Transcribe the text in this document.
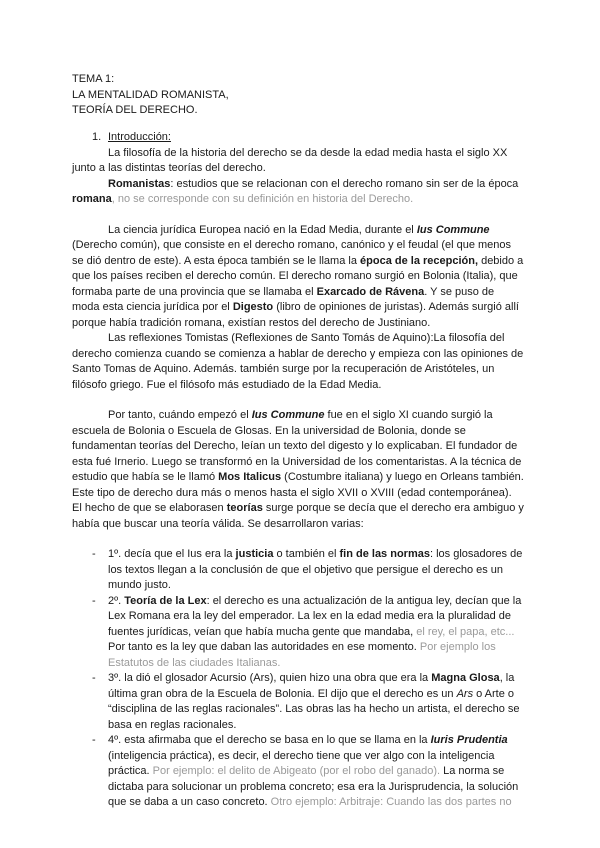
TEMA 1:
LA MENTALIDAD ROMANISTA,
TEORÍA DEL DERECHO.
1. Introducción:

La filosofía de la historia del derecho se da desde la edad media hasta el siglo XX junto a las distintas teorías del derecho.

Romanistas: estudios que se relacionan con el derecho romano sin ser de la época romana, no se corresponde con su definición en historia del Derecho.

La ciencia jurídica Europea nació en la Edad Media, durante el Ius Commune (Derecho común), que consiste en el derecho romano, canónico y el feudal (el que menos se dió dentro de este). A esta época también se le llama la época de la recepción, debido a que los países reciben el derecho común. El derecho romano surgió en Bolonia (Italia), que formaba parte de una provincia que se llamaba el Exarcado de Rávena. Y se puso de moda esta ciencia jurídica por el Digesto (libro de opiniones de juristas). Además surgió allí porque había tradición romana, existían restos del derecho de Justiniano.

Las reflexiones Tomistas (Reflexiones de Santo Tomás de Aquino):La filosofía del derecho comienza cuando se comienza a hablar de derecho y empieza con las opiniones de Santo Tomas de Aquino. Además. también surge por la recuperación de Aristóteles, un filósofo griego. Fue el filósofo más estudiado de la Edad Media.

Por tanto, cuándo empezó el Ius Commune fue en el siglo XI cuando surgió la escuela de Bolonia o Escuela de Glosas. En la universidad de Bolonia, donde se fundamentan teorías del Derecho, leían un texto del digesto y lo explicaban. El fundador de esta fué Irnerio. Luego se transformó en la Universidad de los comentaristas. A la técnica de estudio que había se le llamó Mos Italicus (Costumbre italiana) y luego en Orleans también. Este tipo de derecho dura más o menos hasta el siglo XVII o XVIII (edad contemporánea). El hecho de que se elaborasen teorías surge porque se decía que el derecho era ambiguo y había que buscar una teoría válida. Se desarrollaron varias:

- 1º. decía que el Ius era la justicia o también el fin de las normas: los glosadores de los textos llegan a la conclusión de que el objetivo que persigue el derecho es un mundo justo.
- 2º. Teoría de la Lex: el derecho es una actualización de la antigua ley, decían que la Lex Romana era la ley del emperador. La lex en la edad media era la pluralidad de fuentes jurídicas, veían que había mucha gente que mandaba, el rey, el papa, etc... Por tanto es la ley que daban las autoridades en ese momento. Por ejemplo los Estatutos de las ciudades Italianas.
- 3º. la dió el glosador Acursio (Ars), quien hizo una obra que era la Magna Glosa, la última gran obra de la Escuela de Bolonia. El dijo que el derecho es un Ars o Arte o “disciplina de las reglas racionales”. Las obras las ha hecho un artista, el derecho se basa en reglas racionales.
- 4º. esta afirmaba que el derecho se basa en lo que se llama en la Iuris Prudentia (inteligencia práctica), es decir, el derecho tiene que ver algo con la inteligencia práctica. Por ejemplo: el delito de Abigeato (por el robo del ganado). La norma se dictaba para solucionar un problema concreto; esa era la Jurisprudencia, la solución que se daba a un caso concreto. Otro ejemplo: Arbitraje: Cuando las dos partes no
